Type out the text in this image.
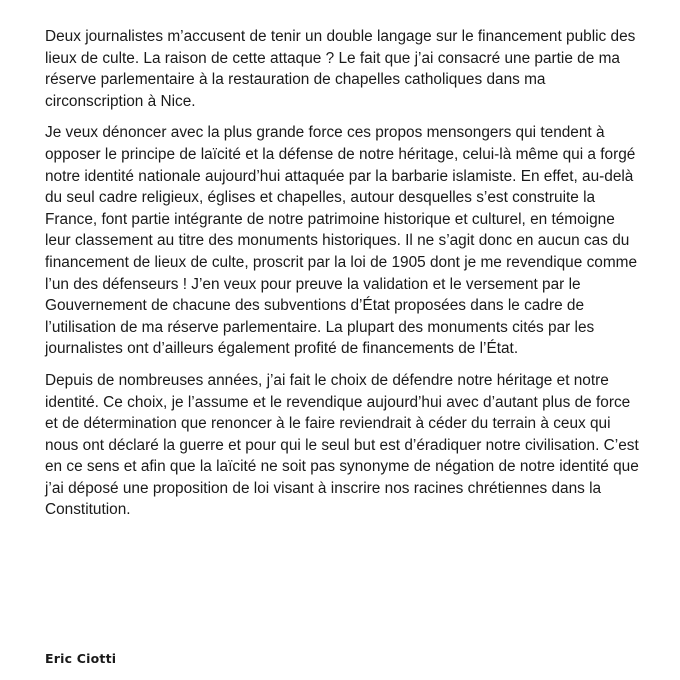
Deux journalistes m’accusent de tenir un double langage sur le financement public des lieux de culte. La raison de cette attaque ? Le fait que j’ai consacré une partie de ma réserve parlementaire à la restauration de chapelles catholiques dans ma circonscription à Nice.

Je veux dénoncer avec la plus grande force ces propos mensongers qui tendent à opposer le principe de laïcité et la défense de notre héritage, celui-là même qui a forgé notre identité nationale aujourd’hui attaquée par la barbarie islamiste. En effet, au-delà du seul cadre religieux, églises et chapelles, autour desquelles s’est construite la France, font partie intégrante de notre patrimoine historique et culturel, en témoigne leur classement au titre des monuments historiques. Il ne s’agit donc en aucun cas du financement de lieux de culte, proscrit par la loi de 1905 dont je me revendique comme l’un des défenseurs ! J’en veux pour preuve la validation et le versement par le Gouvernement de chacune des subventions d’État proposées dans le cadre de l’utilisation de ma réserve parlementaire. La plupart des monuments cités par les journalistes ont d’ailleurs également profité de financements de l’État.

Depuis de nombreuses années, j’ai fait le choix de défendre notre héritage et notre identité. Ce choix, je l’assume et le revendique aujourd’hui avec d’autant plus de force et de détermination que renoncer à le faire reviendrait à céder du terrain à ceux qui nous ont déclaré la guerre et pour qui le seul but est d’éradiquer notre civilisation. C’est en ce sens et afin que la laïcité ne soit pas synonyme de négation de notre identité que j’ai déposé une proposition de loi visant à inscrire nos racines chrétiennes dans la Constitution.

Eric Ciotti
